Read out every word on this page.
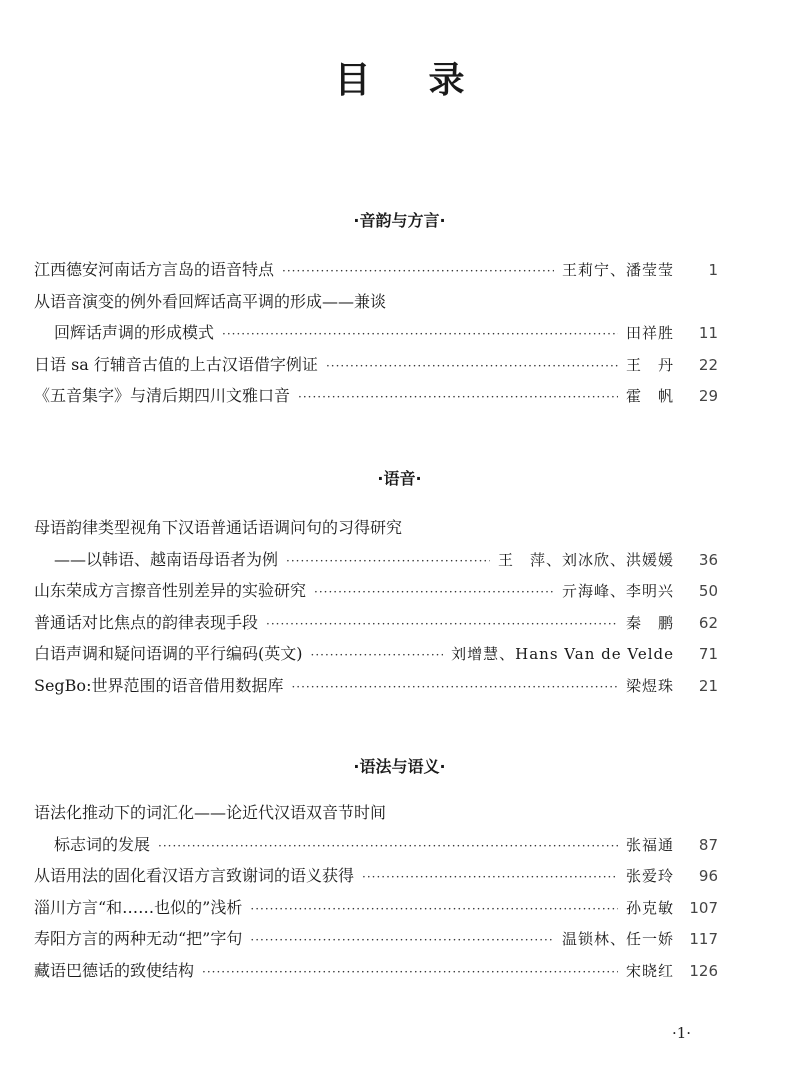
目 录
·音韵与方言·
江西德安河南话方言岛的语音特点 ·····	王莉宁、潘莹莹	1
从语音演变的例外看回辉话高平调的形成——兼谈
回辉话声调的形成模式 ·····	田祥胜	11
日语 sa 行辅音古值的上古汉语借字例证 ·····	王　丹	22
《五音集字》与清后期四川文雅口音 ·····	霍　帆	29
·语音·
母语韵律类型视角下汉语普通话语调问句的习得研究
——以韩语、越南语母语者为例 ·····	王　萍、刘冰欣、洪媛媛	36
山东荣成方言擦音性别差异的实验研究 ·····	亓海峰、李明兴	50
普通话对比焦点的韵律表现手段 ·····	秦　鹏	62
白语声调和疑问语调的平行编码(英文) ·····	刘增慧、Hans Van de Velde	71
SegBo:世界范围的语音借用数据库 ·····	梁煜珠	21
·语法与语义·
语法化推动下的词汇化——论近代汉语双音节时间
标志词的发展 ·····	张福通	87
从语用法的固化看汉语方言致谢词的语义获得 ·····	张爱玲	96
淄川方言“和……也似的”浅析 ·····	孙克敏	107
寿阳方言的两种无动“把”字句 ·····	温锁林、任一娇	117
藏语巴德话的致使结构 ·····	宋晓红	126
·1·
